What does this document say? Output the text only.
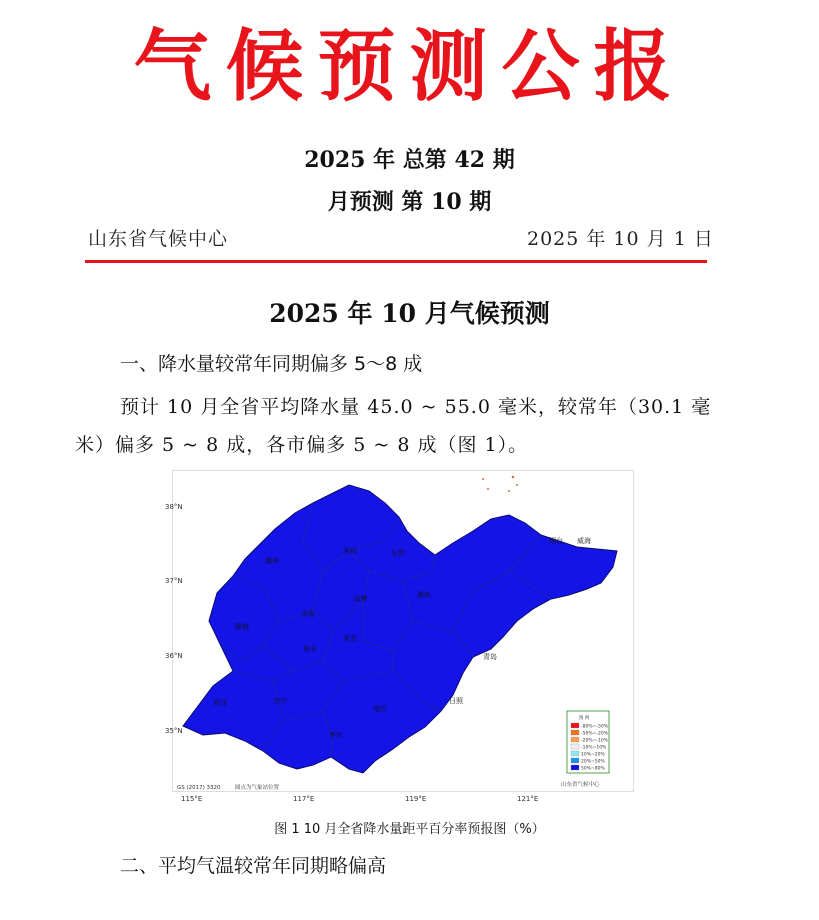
气候预测公报
2025 年 总第 42 期
月预测 第 10 期
山东省气候中心	2025 年 10 月 1 日
2025 年 10 月气候预测
一、降水量较常年同期偏多 5～8 成
预计 10 月全省平均降水量 45.0 ~ 55.0 毫米，较常年（30.1 毫
米）偏多 5 ~ 8 成，各市偏多 5 ~ 8 成（图 1）。
38°N
37°N
36°N
35°N
115°E	117°E	119°E	121°E
烟台 威海
青岛
日照
东营
滨州
德州
聊城
济南
淄博	潍坊
泰安
莱芜
菏泽	济宁
临沂
枣庄
图 例
-80%~-50%
-50%~-20%
-20%~-10%
-10%~10%
10%~20%
20%~50%
50%~80%
GS (2017) 3320	圆点为气象站位置	山东省气候中心
图 1 10 月全省降水量距平百分率预报图（%）
二、平均气温较常年同期略偏高
